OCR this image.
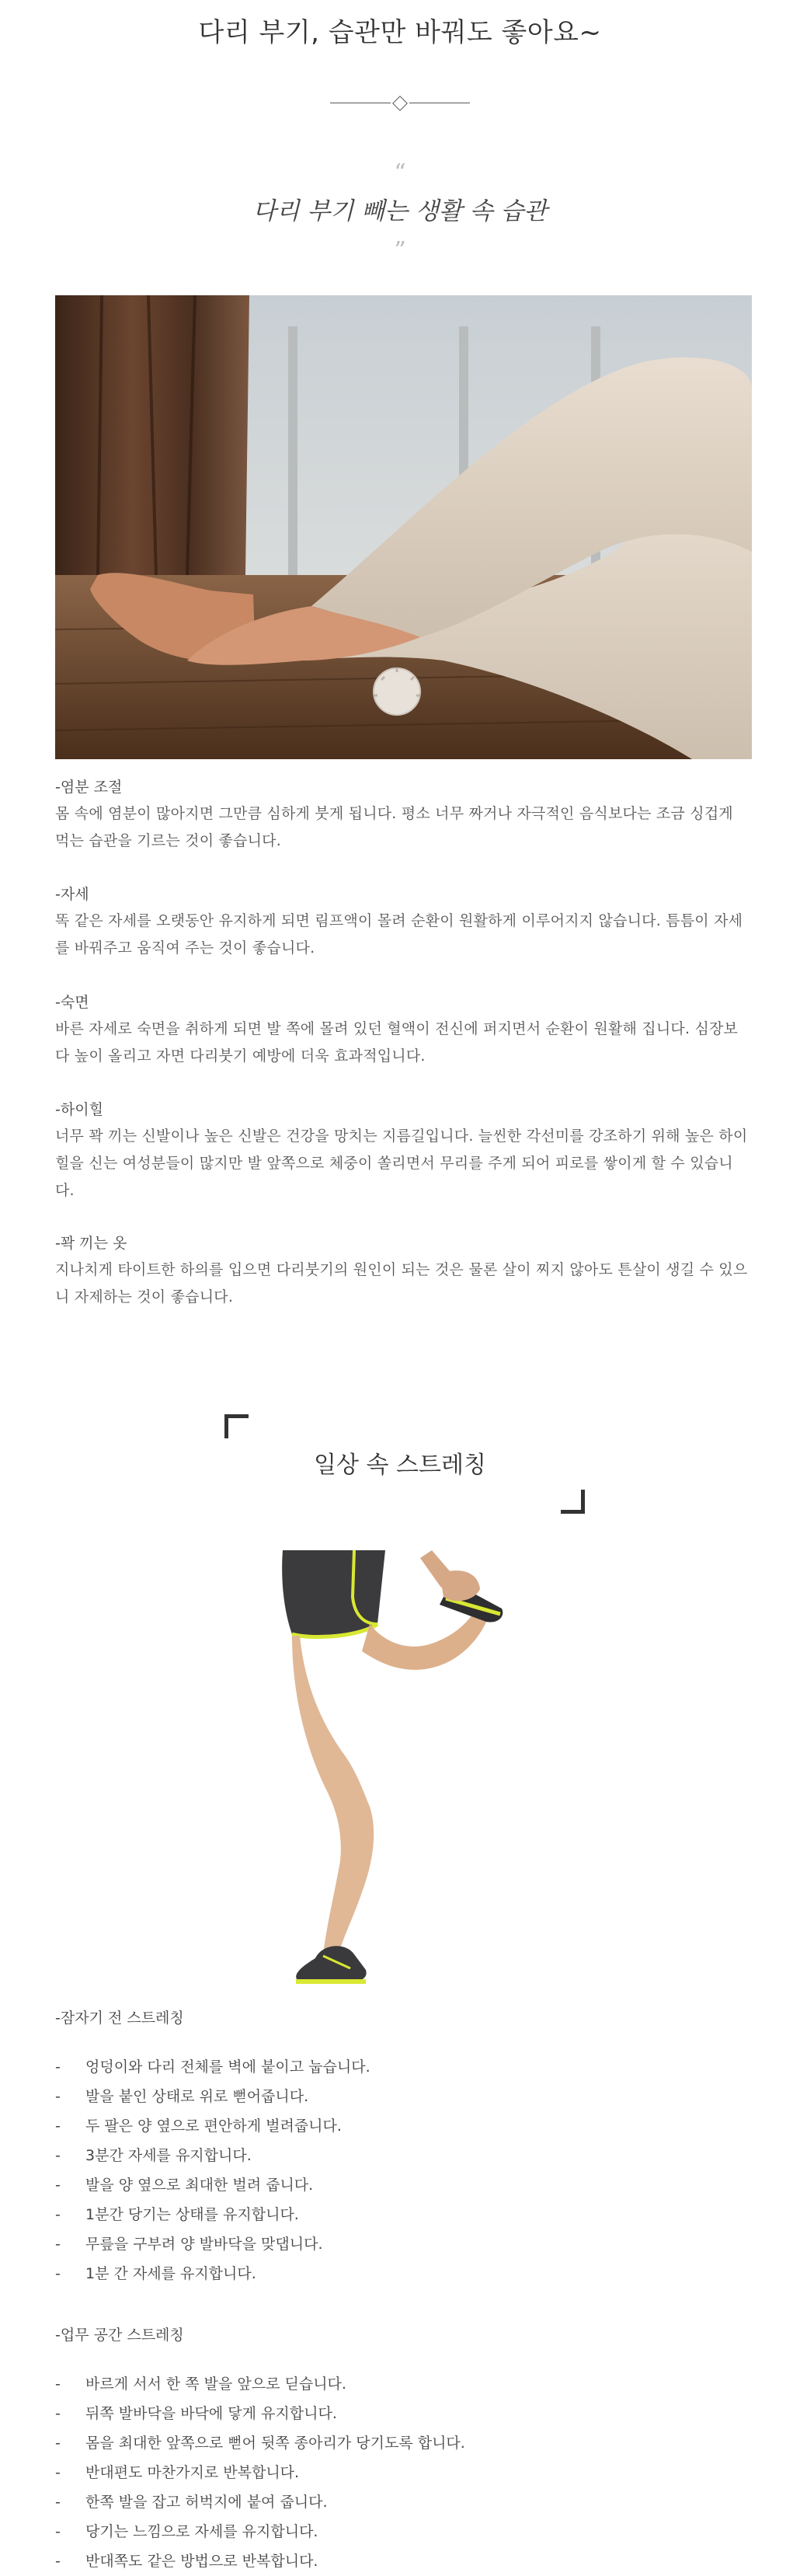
다리 부기, 습관만 바꿔도 좋아요~
“
다리 부기 빼는 생활 속 습관
”
-염분 조절
몸 속에 염분이 많아지면 그만큼 심하게 붓게 됩니다. 평소 너무 짜거나 자극적인 음식보다는 조금 싱겁게 먹는 습관을 기르는 것이 좋습니다.
-자세
똑 같은 자세를 오랫동안 유지하게 되면 림프액이 몰려 순환이 원활하게 이루어지지 않습니다. 틈틈이 자세를 바꿔주고 움직여 주는 것이 좋습니다.
-숙면
바른 자세로 숙면을 취하게 되면 발 쪽에 몰려 있던 혈액이 전신에 퍼지면서 순환이 원활해 집니다. 심장보다 높이 올리고 자면 다리붓기 예방에 더욱 효과적입니다.
-하이힐
너무 꽉 끼는 신발이나 높은 신발은 건강을 망치는 지름길입니다. 늘씬한 각선미를 강조하기 위해 높은 하이힐을 신는 여성분들이 많지만 발 앞쪽으로 체중이 쏠리면서 무리를 주게 되어 피로를 쌓이게 할 수 있습니다.
-꽉 끼는 옷
지나치게 타이트한 하의를 입으면 다리붓기의 원인이 되는 것은 물론 살이 찌지 않아도 튼살이 생길 수 있으니 자제하는 것이 좋습니다.
일상 속 스트레칭
-잠자기 전 스트레칭
- 엉덩이와 다리 전체를 벽에 붙이고 눕습니다.
- 발을 붙인 상태로 위로 뻗어줍니다.
- 두 팔은 양 옆으로 편안하게 벌려줍니다.
- 3분간 자세를 유지합니다.
- 발을 양 옆으로 최대한 벌려 줍니다.
- 1분간 당기는 상태를 유지합니다.
- 무릎을 구부려 양 발바닥을 맞댑니다.
- 1분 간 자세를 유지합니다.
-업무 공간 스트레칭
- 바르게 서서 한 쪽 발을 앞으로 딛습니다.
- 뒤쪽 발바닥을 바닥에 닿게 유지합니다.
- 몸을 최대한 앞쪽으로 뻗어 뒷쪽 종아리가 당기도록 합니다.
- 반대편도 마찬가지로 반복합니다.
- 한쪽 발을 잡고 허벅지에 붙여 줍니다.
- 당기는 느낌으로 자세를 유지합니다.
- 반대쪽도 같은 방법으로 반복합니다.
